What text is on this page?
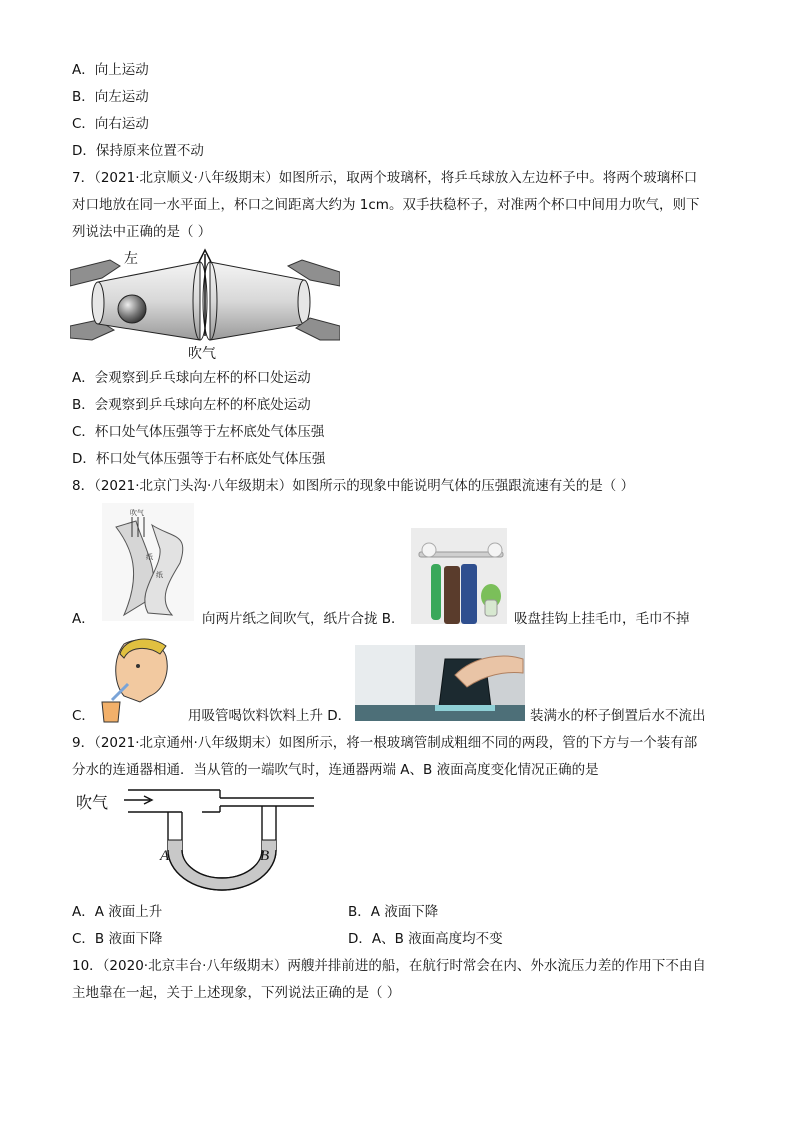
A．向上运动
B．向左运动
C．向右运动
D．保持原来位置不动
7．（2021·北京顺义·八年级期末）如图所示，取两个玻璃杯，将乒乓球放入左边杯子中。将两个玻璃杯口
对口地放在同一水平面上，杯口之间距离大约为 1cm。双手扶稳杯子，对准两个杯口中间用力吹气，则下
列说法中正确的是（ ）
左
吹气
A．会观察到乒乓球向左杯的杯口处运动
B．会观察到乒乓球向左杯的杯底处运动
C．杯口处气体压强等于左杯底处气体压强
D．杯口处气体压强等于右杯底处气体压强
8．（2021·北京门头沟·八年级期末）如图所示的现象中能说明气体的压强跟流速有关的是（ ）
吹气
纸
纸
A．	向两片纸之间吹气，纸片合拢 B．	吸盘挂钩上挂毛巾，毛巾不掉
C．	用吸管喝饮料饮料上升 D．	装满水的杯子倒置后水不流出
9．（2021·北京通州·八年级期末）如图所示，将一根玻璃管制成粗细不同的两段，管的下方与一个装有部
分水的连通器相通．当从管的一端吹气时，连通器两端 A、B 液面高度变化情况正确的是
吹气
A	B
A．A 液面上升	B．A 液面下降
C．B 液面下降	D．A、B 液面高度均不变
10．（2020·北京丰台·八年级期末）两艘并排前进的船，在航行时常会在内、外水流压力差的作用下不由自
主地靠在一起，关于上述现象，下列说法正确的是（ ）
